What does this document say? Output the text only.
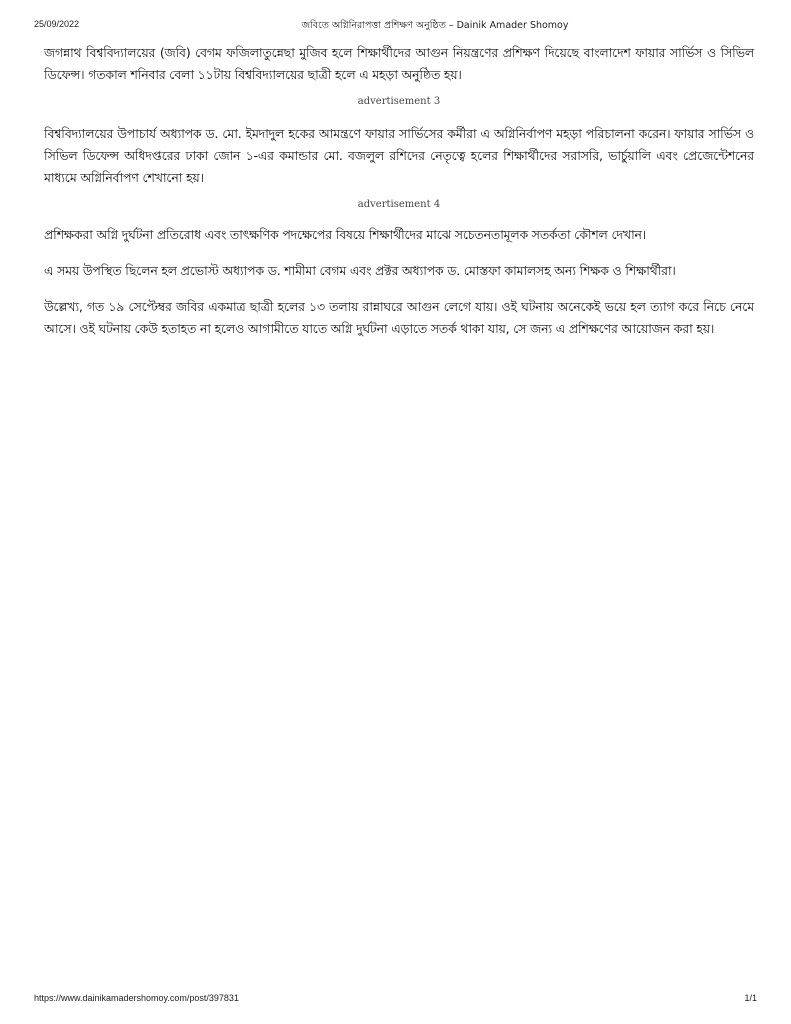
25/09/2022	জবিতে অগ্নিনিরাপত্তা প্রশিক্ষণ অনুষ্ঠিত – Dainik Amader Shomoy

জগন্নাথ বিশ্ববিদ্যালয়ের (জবি) বেগম ফজিলাতুন্নেছা মুজিব হলে শিক্ষার্থীদের আগুন নিয়ন্ত্রণের প্রশিক্ষণ দিয়েছে বাংলাদেশ ফায়ার সার্ভিস ও সিভিল ডিফেন্স। গতকাল শনিবার বেলা ১১টায় বিশ্ববিদ্যালয়ের ছাত্রী হলে এ মহড়া অনুষ্ঠিত হয়।

advertisement 3

বিশ্ববিদ্যালয়ের উপাচার্য অধ্যাপক ড. মো. ইমদাদুল হকের আমন্ত্রণে ফায়ার সার্ভিসের কর্মীরা এ অগ্নিনির্বাপণ মহড়া পরিচালনা করেন। ফায়ার সার্ভিস ও সিভিল ডিফেন্স অধিদপ্তরের ঢাকা জোন ১-এর কমান্ডার মো. বজলুল রশিদের নেতৃত্বে হলের শিক্ষার্থীদের সরাসরি, ভার্চুয়ালি এবং প্রেজেন্টেশনের মাধ্যমে অগ্নিনির্বাপণ শেখানো হয়।

advertisement 4

প্রশিক্ষকরা অগ্নি দুর্ঘটনা প্রতিরোধ এবং তাৎক্ষণিক পদক্ষেপের বিষয়ে শিক্ষার্থীদের মাঝে সচেতনতামূলক সতর্কতা কৌশল দেখান।

এ সময় উপস্থিত ছিলেন হল প্রভোস্ট অধ্যাপক ড. শামীমা বেগম এবং প্রক্টর অধ্যাপক ড. মোস্তফা কামালসহ অন্য শিক্ষক ও শিক্ষার্থীরা।

উল্লেখ্য, গত ১৯ সেপ্টেম্বর জবির একমাত্র ছাত্রী হলের ১৩ তলায় রান্নাঘরে আগুন লেগে যায়। ওই ঘটনায় অনেকেই ভয়ে হল ত্যাগ করে নিচে নেমে আসে। ওই ঘটনায় কেউ হতাহত না হলেও আগামীতে যাতে অগ্নি দুর্ঘটনা এড়াতে সতর্ক থাকা যায়, সে জন্য এ প্রশিক্ষণের আয়োজন করা হয়।

https://www.dainikamadershomoy.com/post/397831	1/1
